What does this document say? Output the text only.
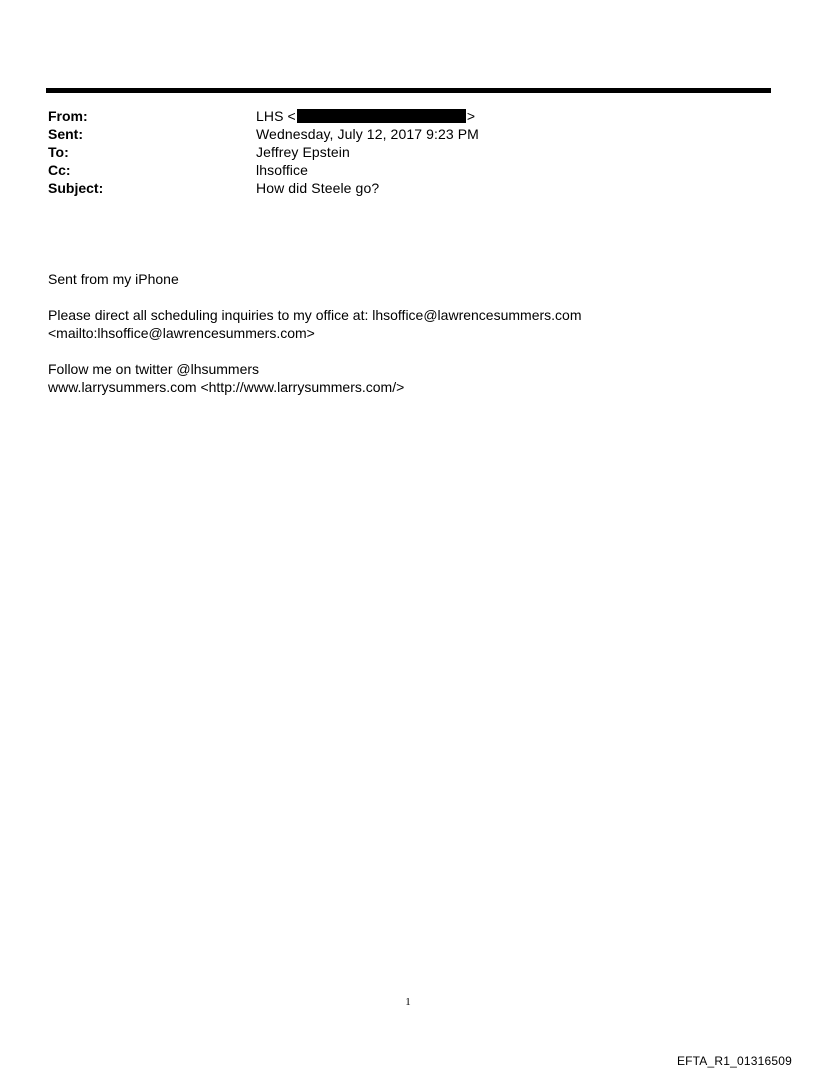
From:	LHS <	>
Sent:	Wednesday, July 12, 2017 9:23 PM
To:	Jeffrey Epstein
Cc:	lhsoffice
Subject:	How did Steele go?

Sent from my iPhone

Please direct all scheduling inquiries to my office at: lhsoffice@lawrencesummers.com

<mailto:lhsoffice@lawrencesummers.com>

Follow me on twitter @lhsummers

www.larrysummers.com <http://www.larrysummers.com/>

1
EFTA_R1_01316509
